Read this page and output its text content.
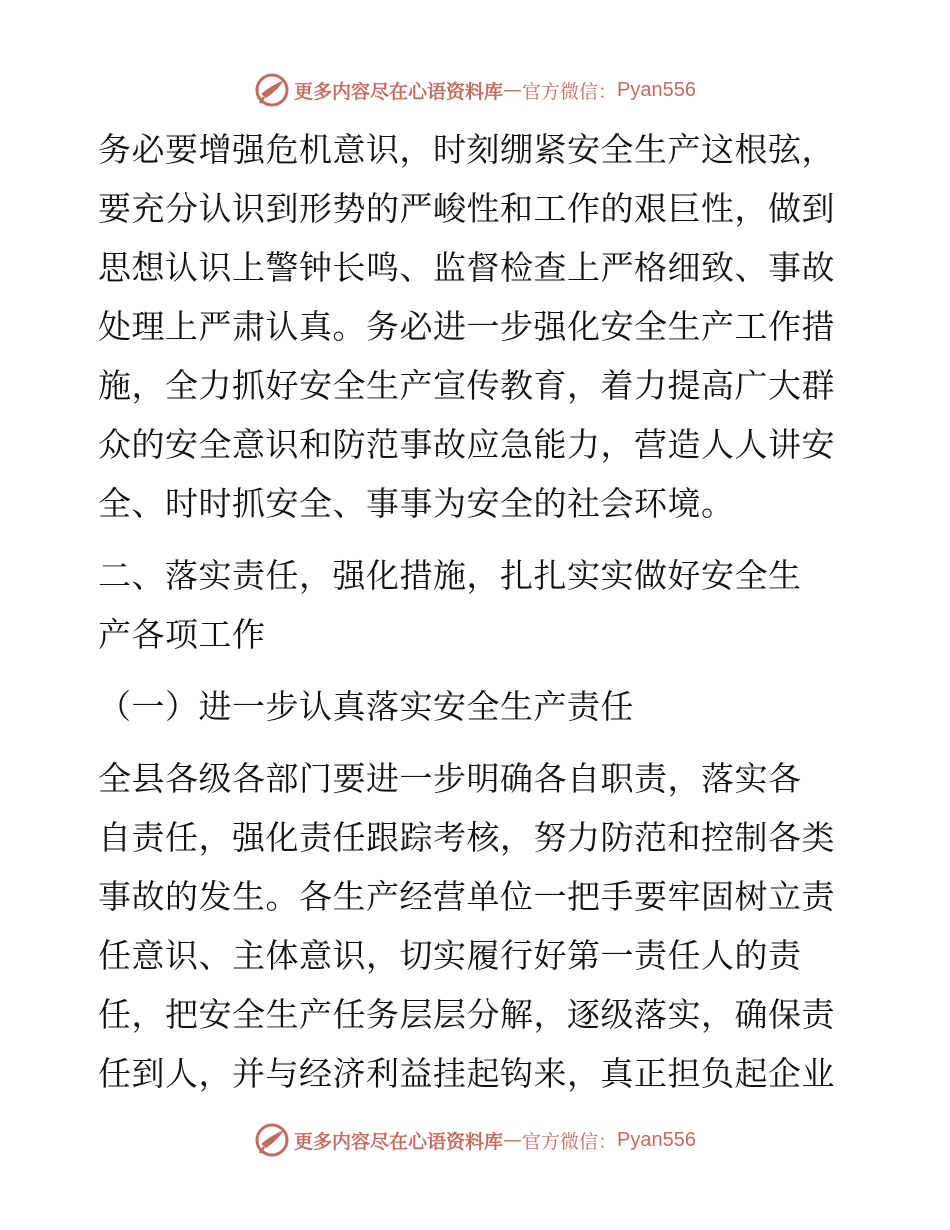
更多内容尽在心语资料库 — 官方微信： Pyan556
务必要增强危机意识，时刻绷紧安全生产这根弦，
要充分认识到形势的严峻性和工作的艰巨性，做到
思想认识上警钟长鸣、监督检查上严格细致、事故
处理上严肃认真。务必进一步强化安全生产工作措
施，全力抓好安全生产宣传教育，着力提高广大群
众的安全意识和防范事故应急能力，营造人人讲安
全、时时抓安全、事事为安全的社会环境。
二、落实责任，强化措施，扎扎实实做好安全生
产各项工作
（一）进一步认真落实安全生产责任
全县各级各部门要进一步明确各自职责，落实各
自责任，强化责任跟踪考核，努力防范和控制各类
事故的发生。各生产经营单位一把手要牢固树立责
任意识、主体意识，切实履行好第一责任人的责
任，把安全生产任务层层分解，逐级落实，确保责
任到人，并与经济利益挂起钩来，真正担负起企业
更多内容尽在心语资料库 — 官方微信： Pyan556
